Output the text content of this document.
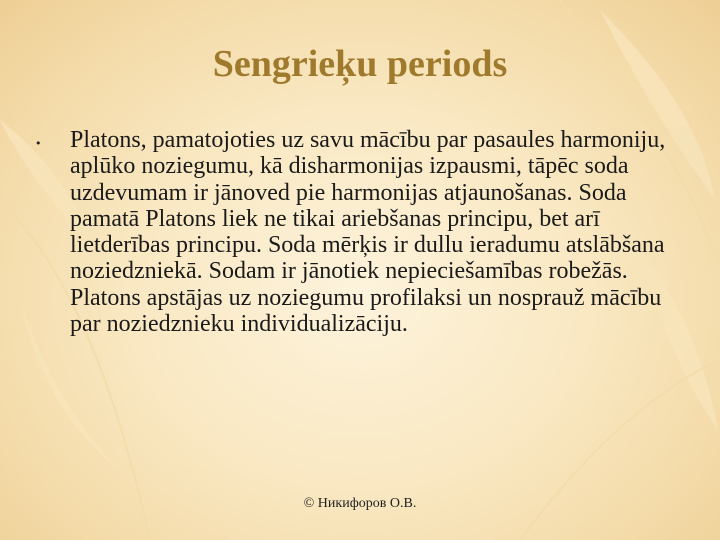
Sengrieķu periods
• Platons, pamatojoties uz savu mācību par pasaules harmoniju, aplūko noziegumu, kā disharmonijas izpausmi, tāpēc soda uzdevumam ir jānoved pie harmonijas atjaunošanas. Soda pamatā Platons liek ne tikai ariebšanas principu, bet arī lietderības principu. Soda mērķis ir dullu ieradumu atslābšana noziedzniekā. Sodam ir jānotiek nepieciešamības robežās. Platons apstājas uz noziegumu profilaksi un nosprauž mācību par noziedznieku individualizāciju.
© Никифоров О.В.
